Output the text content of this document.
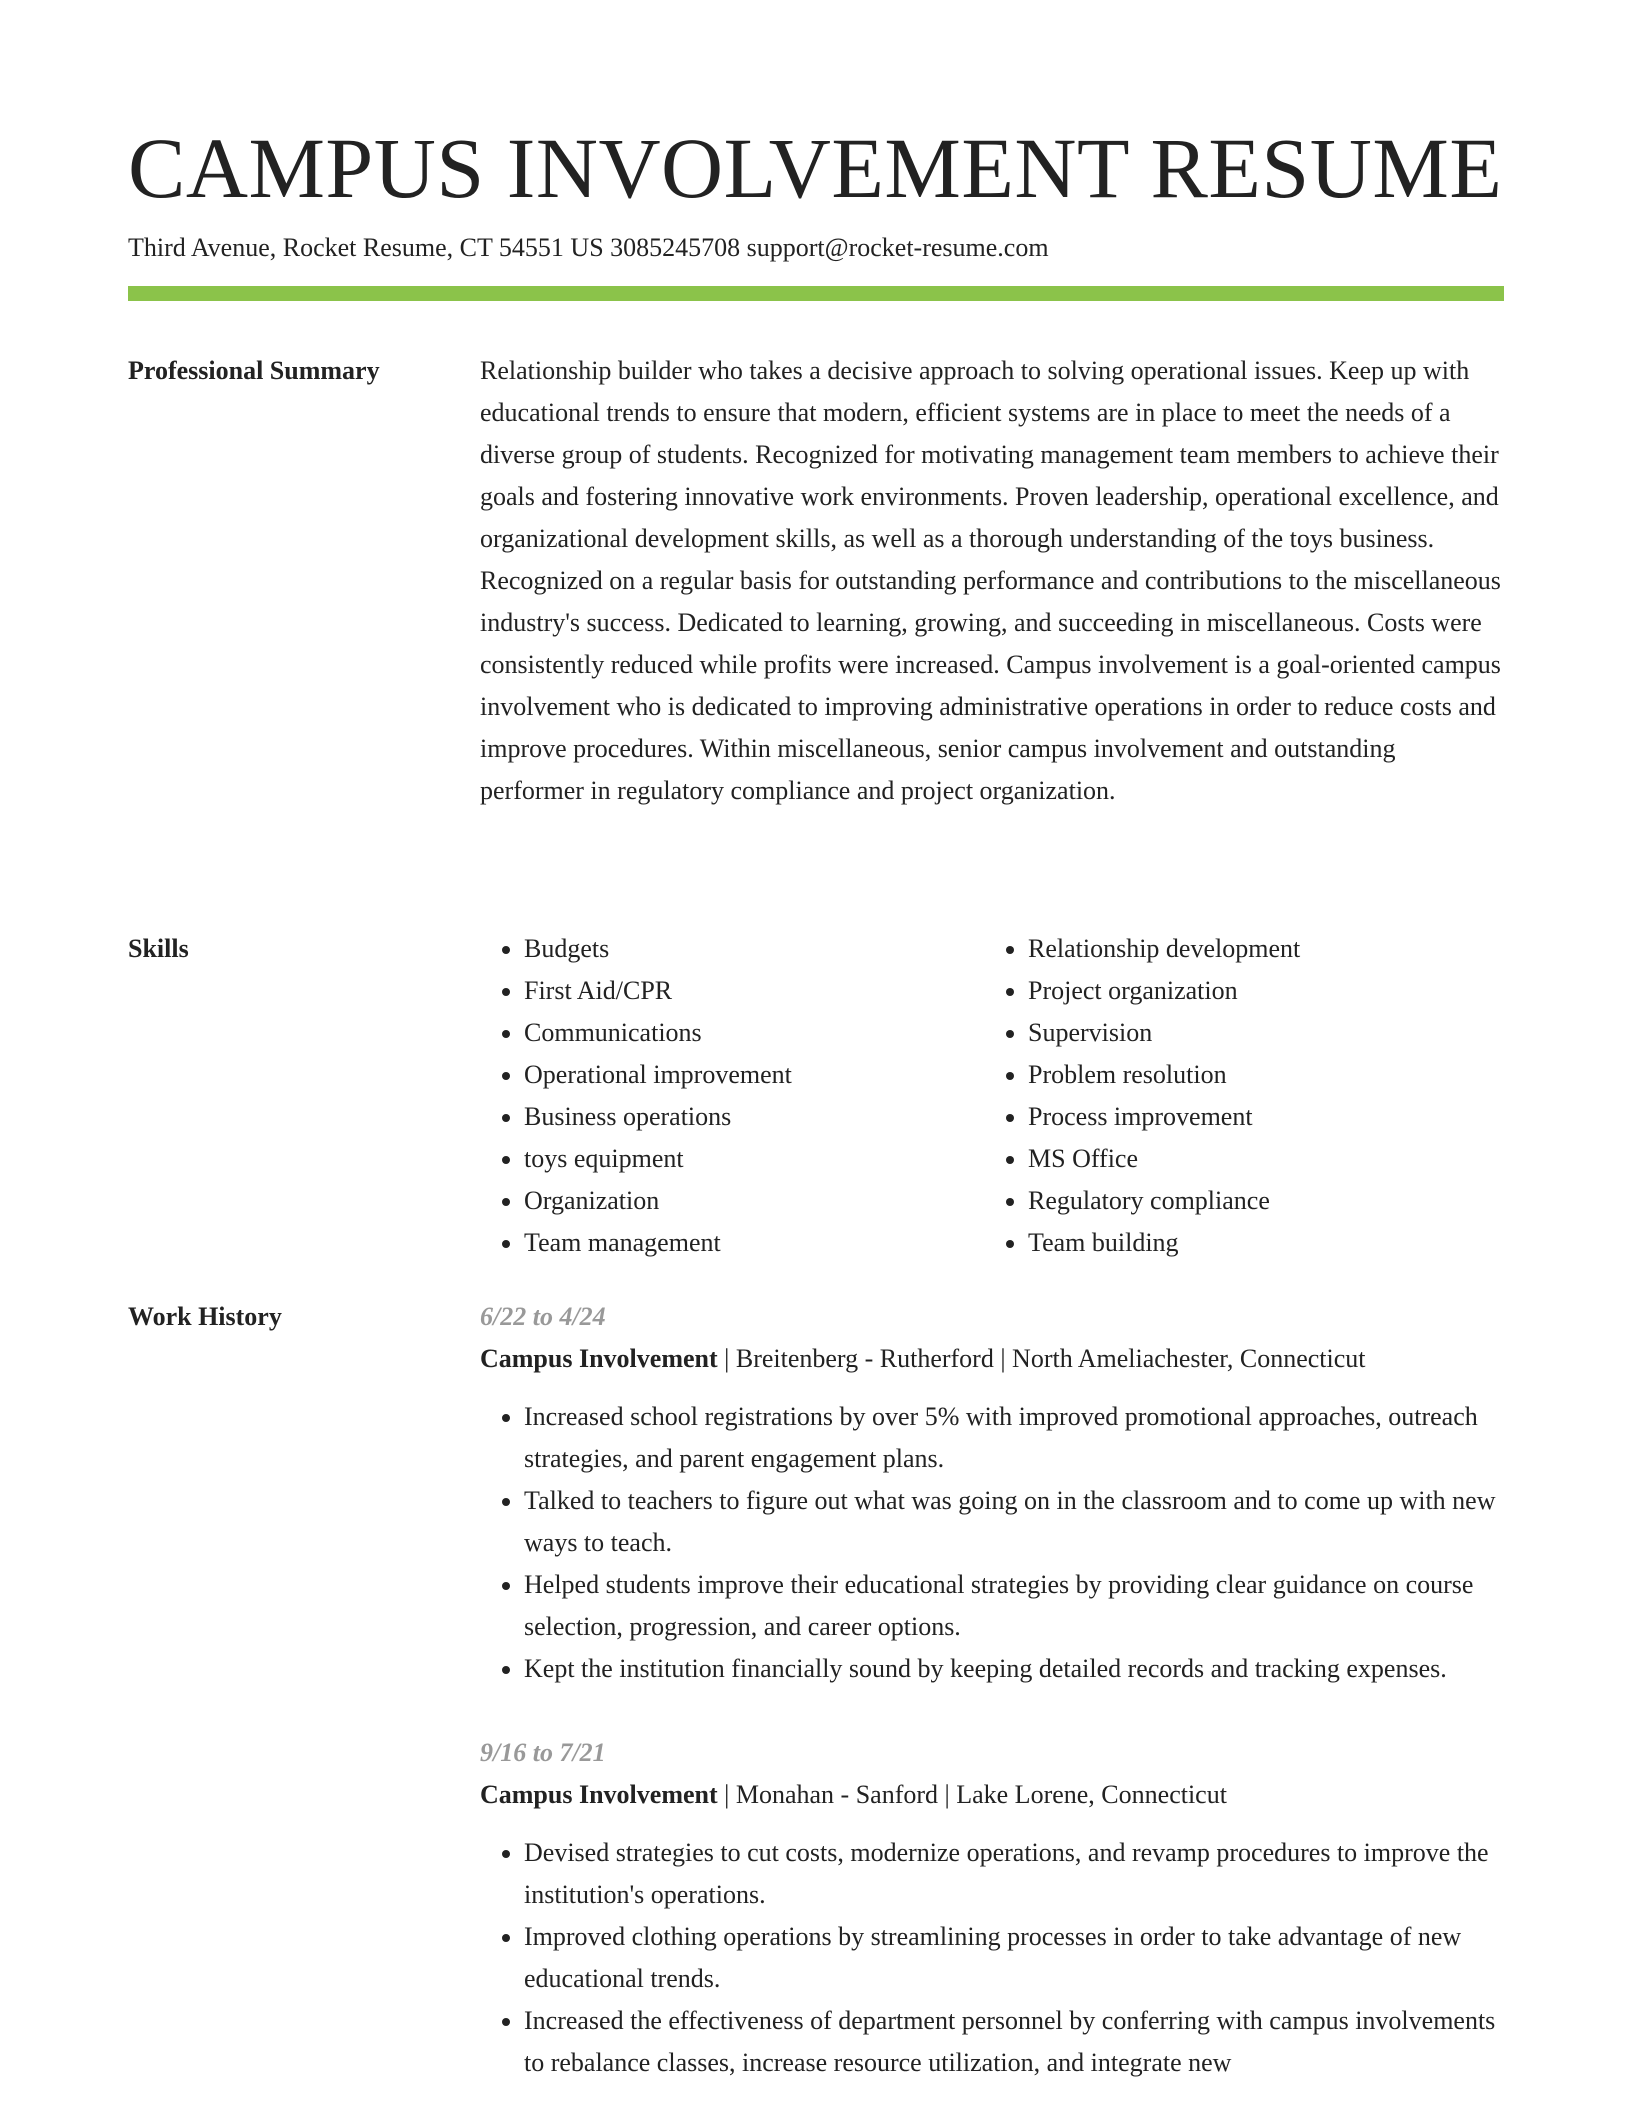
CAMPUS INVOLVEMENT RESUME
Third Avenue, Rocket Resume, CT 54551 US 3085245708 support@rocket-resume.com
Professional Summary	Relationship builder who takes a decisive approach to solving operational issues. Keep up with educational trends to ensure that modern, efficient systems are in place to meet the needs of a diverse group of students. Recognized for motivating management team members to achieve their goals and fostering innovative work environments. Proven leadership, operational excellence, and organizational development skills, as well as a thorough understanding of the toys business. Recognized on a regular basis for outstanding performance and contributions to the miscellaneous industry's success. Dedicated to learning, growing, and succeeding in miscellaneous. Costs were consistently reduced while profits were increased. Campus involvement is a goal-oriented campus involvement who is dedicated to improving administrative operations in order to reduce costs and improve procedures. Within miscellaneous, senior campus involvement and outstanding performer in regulatory compliance and project organization.

Skills
•	Budgets
• First Aid/CPR
• Communications
• Operational improvement
• Business operations
• toys equipment
• Organization
• Team management
• Relationship development
• Project organization
• Supervision
• Problem resolution
• Process improvement
• MS Office
• Regulatory compliance
• Team building
Work History	6/22 to 4/24
Campus Involvement | Breitenberg - Rutherford | North Ameliachester, Connecticut
• Increased school registrations by over 5% with improved promotional approaches, outreach strategies, and parent engagement plans.
• Talked to teachers to figure out what was going on in the classroom and to come up with new ways to teach.
• Helped students improve their educational strategies by providing clear guidance on course selection, progression, and career options.
• Kept the institution financially sound by keeping detailed records and tracking expenses.
9/16 to 7/21
Campus Involvement | Monahan - Sanford | Lake Lorene, Connecticut
• Devised strategies to cut costs, modernize operations, and revamp procedures to improve the institution's operations.
• Improved clothing operations by streamlining processes in order to take advantage of new educational trends.
• Increased the effectiveness of department personnel by conferring with campus involvements to rebalance classes, increase resource utilization, and integrate new
